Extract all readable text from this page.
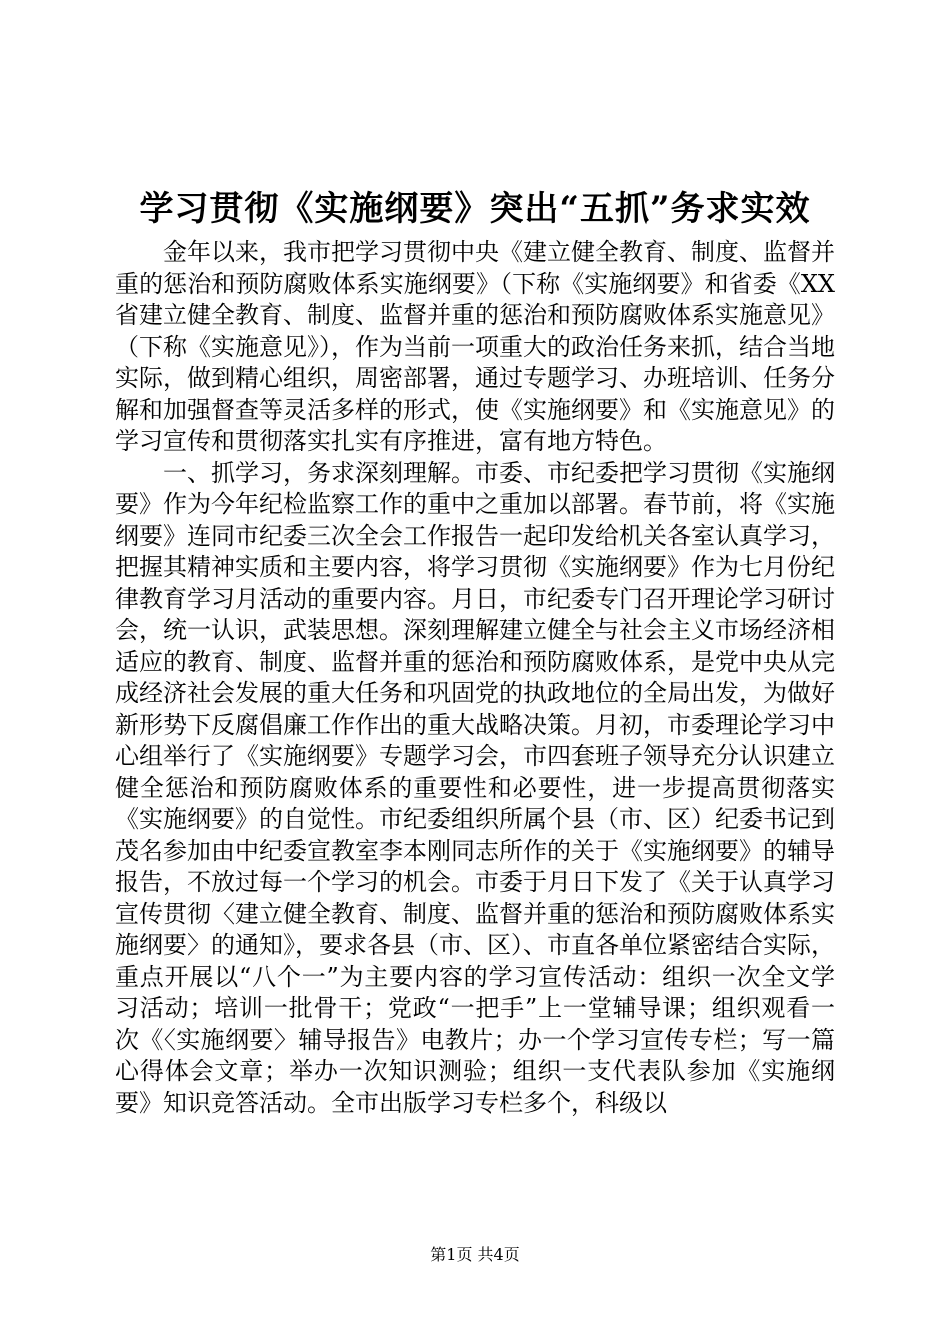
学习贯彻《实施纲要》突出“五抓”务求实效

金年以来，我市把学习贯彻中央《建立健全教育、制度、监督并重的惩治和预防腐败体系实施纲要》（下称《实施纲要》和省委《XX省建立健全教育、制度、监督并重的惩治和预防腐败体系实施意见》（下称《实施意见》），作为当前一项重大的政治任务来抓，结合当地实际，做到精心组织，周密部署，通过专题学习、办班培训、任务分解和加强督查等灵活多样的形式，使《实施纲要》和《实施意见》的学习宣传和贯彻落实扎实有序推进，富有地方特色。

一、抓学习，务求深刻理解。市委、市纪委把学习贯彻《实施纲要》作为今年纪检监察工作的重中之重加以部署。春节前，将《实施纲要》连同市纪委三次全会工作报告一起印发给机关各室认真学习，把握其精神实质和主要内容，将学习贯彻《实施纲要》作为七月份纪律教育学习月活动的重要内容。月日，市纪委专门召开理论学习研讨会，统一认识，武装思想。深刻理解建立健全与社会主义市场经济相适应的教育、制度、监督并重的惩治和预防腐败体系，是党中央从完成经济社会发展的重大任务和巩固党的执政地位的全局出发，为做好新形势下反腐倡廉工作作出的重大战略决策。月初，市委理论学习中心组举行了《实施纲要》专题学习会，市四套班子领导充分认识建立健全惩治和预防腐败体系的重要性和必要性，进一步提高贯彻落实《实施纲要》的自觉性。市纪委组织所属个县（市、区）纪委书记到茂名参加由中纪委宣教室李本刚同志所作的关于《实施纲要》的辅导报告，不放过每一个学习的机会。市委于月日下发了《关于认真学习宣传贯彻〈建立健全教育、制度、监督并重的惩治和预防腐败体系实施纲要〉的通知》，要求各县（市、区）、市直各单位紧密结合实际，重点开展以“八个一”为主要内容的学习宣传活动：组织一次全文学习活动；培训一批骨干；党政“一把手”上一堂辅导课；组织观看一次《〈实施纲要〉辅导报告》电教片；办一个学习宣传专栏；写一篇心得体会文章；举办一次知识测验；组织一支代表队参加《实施纲要》知识竞答活动。全市出版学习专栏多个，科级以

第1页 共4页
